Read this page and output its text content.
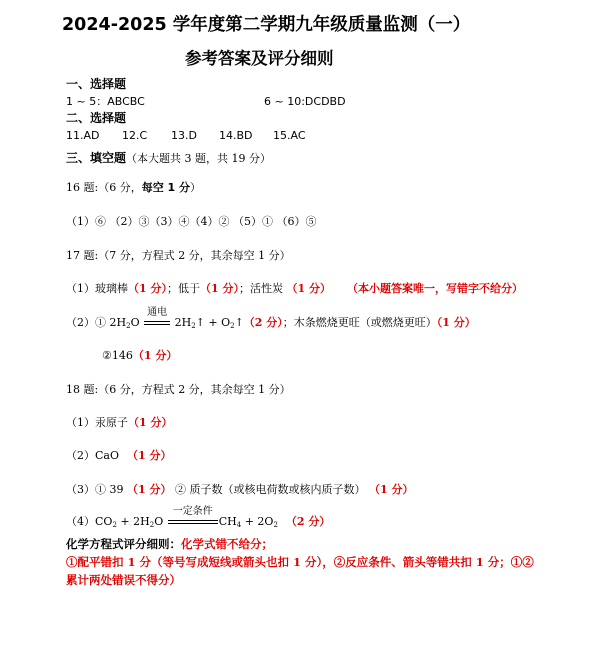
2024-2025 学年度第二学期九年级质量监测（一）
参考答案及评分细则
一、选择题
1 ~ 5：ABCBC	6 ~ 10:DCDBD
二、选择题
11.AD 12.C 13.D 14.BD 15.AC
三、填空题（本大题共 3 题，共 19 分）
16 题:（6 分，每空 1 分）
（1）⑥ （2）③（3）④（4）② （5）① （6）⑤
17 题:（7 分，方程式 2 分，其余每空 1 分）
（1）玻璃棒（1 分）；低于（1 分）；活性炭 （1 分） （本小题答案唯一，写错字不给分）
（2）① $2H_2O$
通电
$2H_2↑$ + $O_2↑(2$ 分）；木条燃烧更旺（或燃烧更旺）（1 分）
②146（1 分）
18 题:（6 分，方程式 2 分，其余每空 1 分）
（1）汞原子（1 分）
（2）CaO （1 分）
（3）① 39 （1 分） ② 质子数（或核电荷数或核内质子数） （1 分）
$(4)CO_2 + 2H_2O$
一定条件
$CH_4 + 2O_2$ （2 分）
化学方程式评分细则：化学式错不给分；
①配平错扣 1 分（等号写成短线或箭头也扣 1 分），②反应条件、箭头等错共扣 1 分；①②
累计两处错误不得分）
